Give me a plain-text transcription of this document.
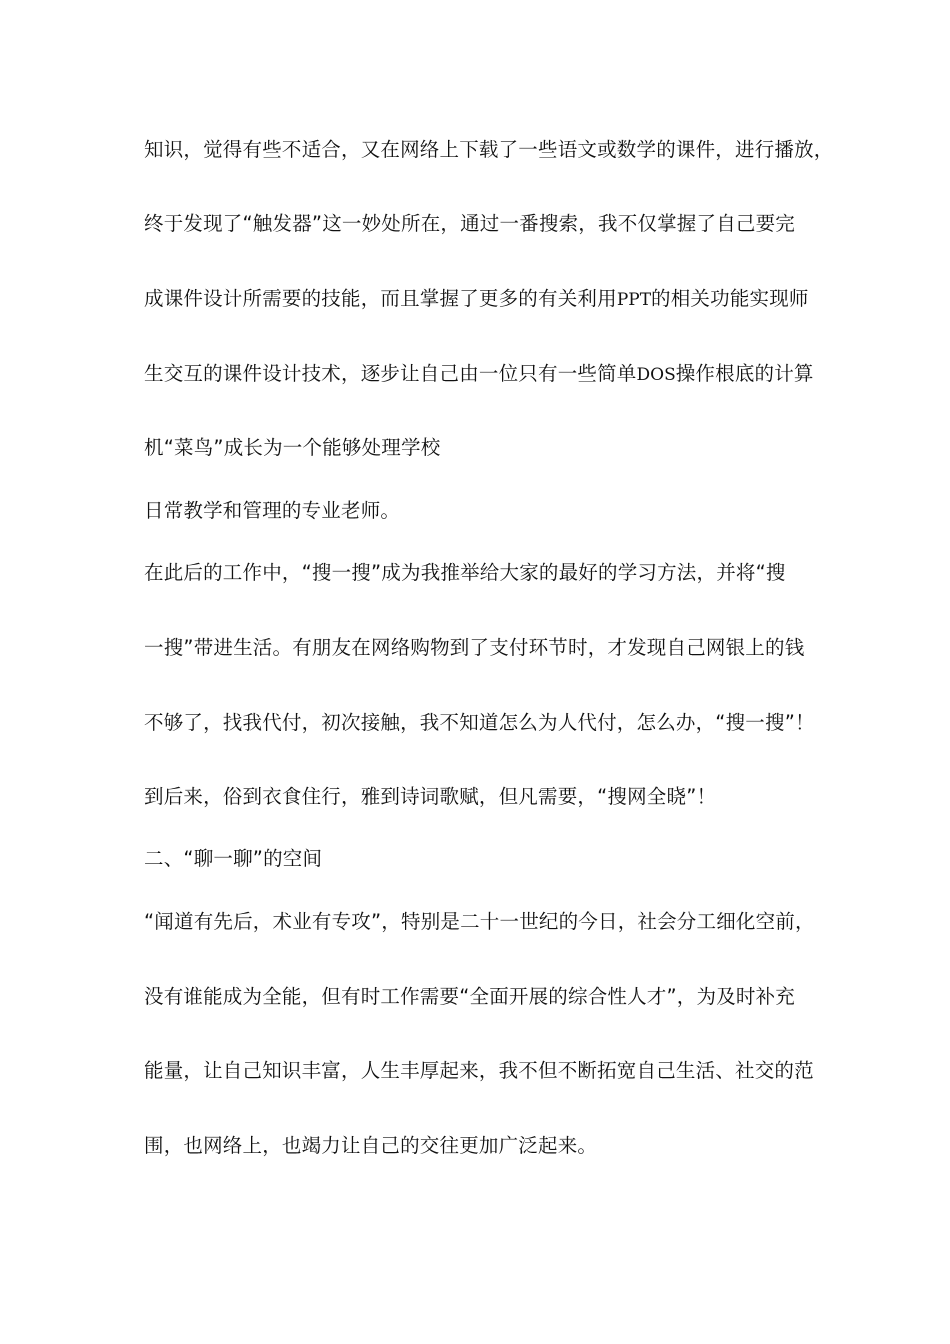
知识，觉得有些不适合，又在网络上下载了一些语文或数学的课件，进行播放，
终于发现了“触发器”这一妙处所在，通过一番搜索，我不仅掌握了自己要完
成课件设计所需要的技能，而且掌握了更多的有关利用PPT的相关功能实现师
生交互的课件设计技术，逐步让自己由一位只有一些简单DOS操作根底的计算
机“菜鸟”成长为一个能够处理学校
日常教学和管理的专业老师。
在此后的工作中，“搜一搜”成为我推举给大家的最好的学习方法，并将“搜
一搜”带进生活。有朋友在网络购物到了支付环节时，才发现自己网银上的钱
不够了，找我代付，初次接触，我不知道怎么为人代付，怎么办，“搜一搜”！
到后来，俗到衣食住行，雅到诗词歌赋，但凡需要，“搜网全晓”！
二、“聊一聊”的空间
“闻道有先后，术业有专攻”，特别是二十一世纪的今日，社会分工细化空前，
没有谁能成为全能，但有时工作需要“全面开展的综合性人才”，为及时补充
能量，让自己知识丰富，人生丰厚起来，我不但不断拓宽自己生活、社交的范
围，也网络上，也竭力让自己的交往更加广泛起来。
